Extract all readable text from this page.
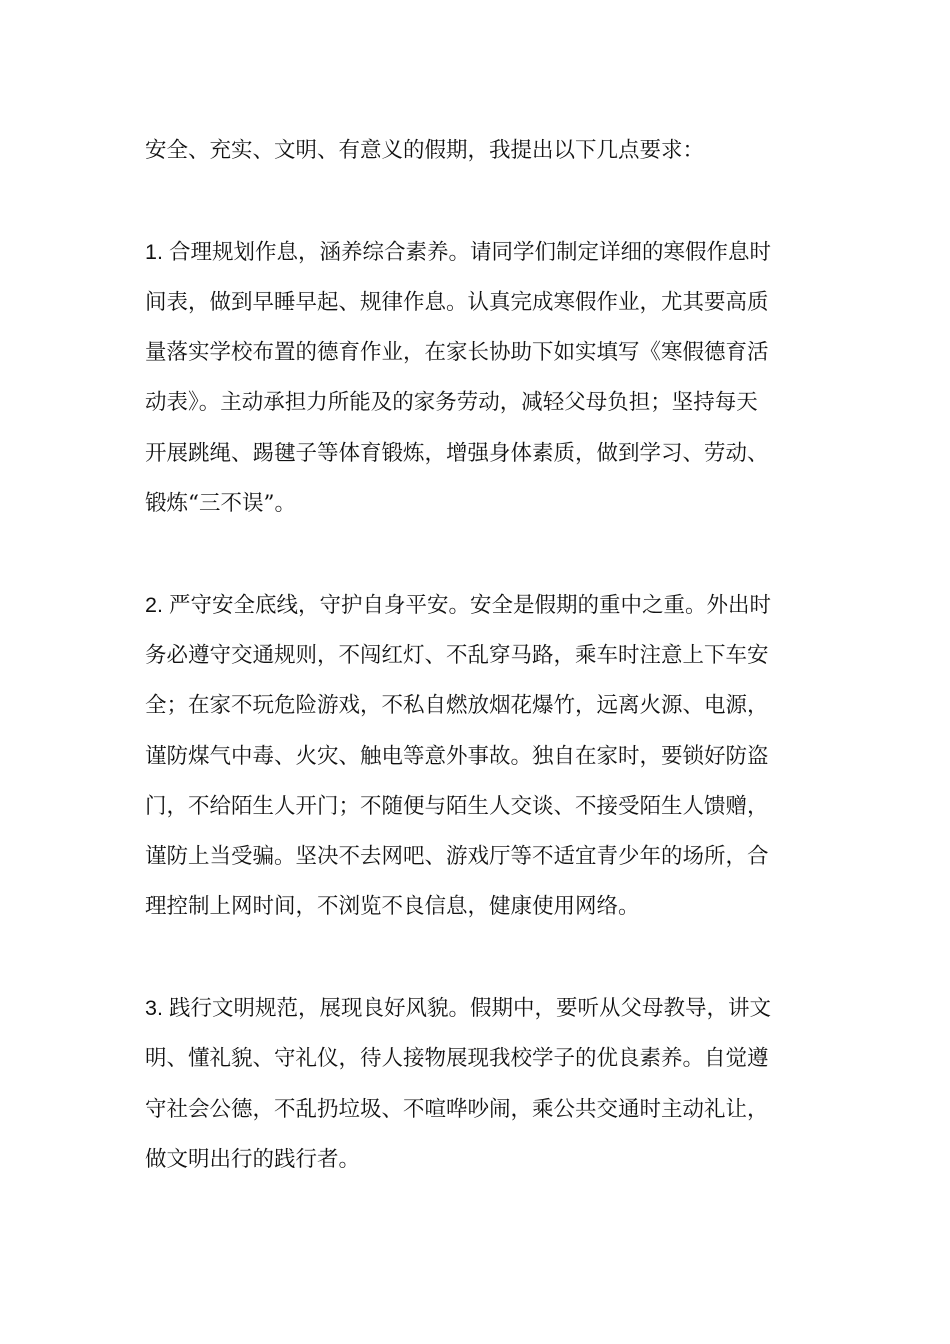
安全、充实、文明、有意义的假期，我提出以下几点要求：

1. 合理规划作息，涵养综合素养。请同学们制定详细的寒假作息时
间表，做到早睡早起、规律作息。认真完成寒假作业，尤其要高质
量落实学校布置的德育作业，在家长协助下如实填写《寒假德育活
动表》。主动承担力所能及的家务劳动，减轻父母负担；坚持每天
开展跳绳、踢毽子等体育锻炼，增强身体素质，做到学习、劳动、
锻炼“三不误”。

2. 严守安全底线，守护自身平安。安全是假期的重中之重。外出时
务必遵守交通规则，不闯红灯、不乱穿马路，乘车时注意上下车安
全；在家不玩危险游戏，不私自燃放烟花爆竹，远离火源、电源，
谨防煤气中毒、火灾、触电等意外事故。独自在家时，要锁好防盗
门，不给陌生人开门；不随便与陌生人交谈、不接受陌生人馈赠，
谨防上当受骗。坚决不去网吧、游戏厅等不适宜青少年的场所，合
理控制上网时间，不浏览不良信息，健康使用网络。

3. 践行文明规范，展现良好风貌。假期中，要听从父母教导，讲文
明、懂礼貌、守礼仪，待人接物展现我校学子的优良素养。自觉遵
守社会公德，不乱扔垃圾、不喧哗吵闹，乘公共交通时主动礼让，
做文明出行的践行者。
